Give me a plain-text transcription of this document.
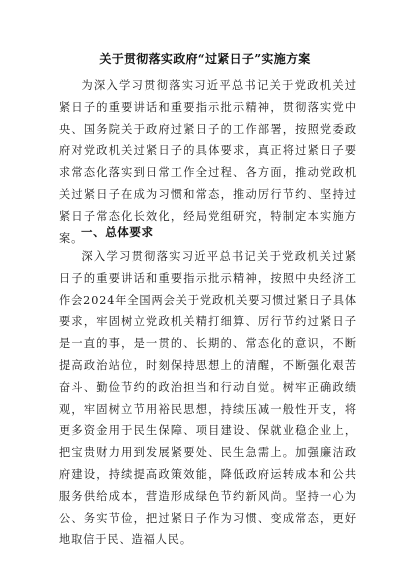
关于贯彻落实政府“过紧日子”实施方案
为深入学习贯彻落实习近平总书记关于党政机关过紧日子的重要讲话和重要指示批示精神，贯彻落实党中央、国务院关于政府过紧日子的工作部署，按照党委政府对党政机关过紧日子的具体要求，真正将过紧日子要求常态化落实到日常工作全过程、各方面，推动党政机关过紧日子在成为习惯和常态，推动厉行节约、坚持过紧日子常态化长效化，经局党组研究，特制定本实施方案。
一、总体要求
深入学习贯彻落实习近平总书记关于党政机关过紧日子的重要讲话和重要指示批示精神，按照中央经济工作会2024年全国两会关于党政机关要习惯过紧日子具体要求，牢固树立党政机关精打细算、厉行节约过紧日子是一直的事，是一贯的、长期的、常态化的意识，不断提高政治站位，时刻保持思想上的清醒，不断强化艰苦奋斗、勤俭节约的政治担当和行动自觉。树牢正确政绩观，牢固树立节用裕民思想，持续压减一般性开支，将更多资金用于民生保障、项目建设、保就业稳企业上，把宝贵财力用到发展紧要处、民生急需上。加强廉洁政府建设，持续提高政策效能，降低政府运转成本和公共服务供给成本，营造形成绿色节约新风尚。坚持一心为公、务实节俭，把过紧日子作为习惯、变成常态，更好地取信于民、造福人民。
